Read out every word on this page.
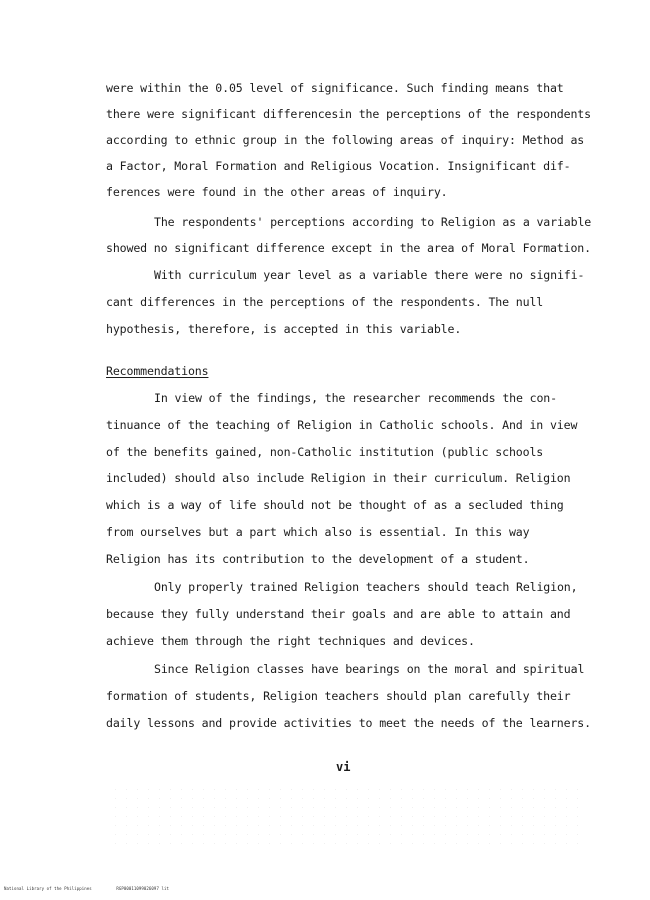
were within the 0.05 level of significance. Such finding means that
there were significant differencesin the perceptions of the respondents
according to ethnic group in the following areas of inquiry: Method as
a Factor, Moral Formation and Religious Vocation. Insignificant dif-
ferences were found in the other areas of inquiry.
The respondents' perceptions according to Religion as a variable
showed no significant difference except in the area of Moral Formation.
With curriculum year level as a variable there were no signifi-
cant differences in the perceptions of the respondents. The null
hypothesis, therefore, is accepted in this variable.
Recommendations
In view of the findings, the researcher recommends the con-
tinuance of the teaching of Religion in Catholic schools. And in view
of the benefits gained, non-Catholic institution (public schools
included) should also include Religion in their curriculum. Religion
which is a way of life should not be thought of as a secluded thing
from ourselves but a part which also is essential. In this way
Religion has its contribution to the development of a student.
Only properly trained Religion teachers should teach Religion,
because they fully understand their goals and are able to attain and
achieve them through the right techniques and devices.
Since Religion classes have bearings on the moral and spiritual
formation of students, Religion teachers should plan carefully their
daily lessons and provide activities to meet the needs of the learners.
vi
National Library of the Philippines	RGP00011099026097 lit
